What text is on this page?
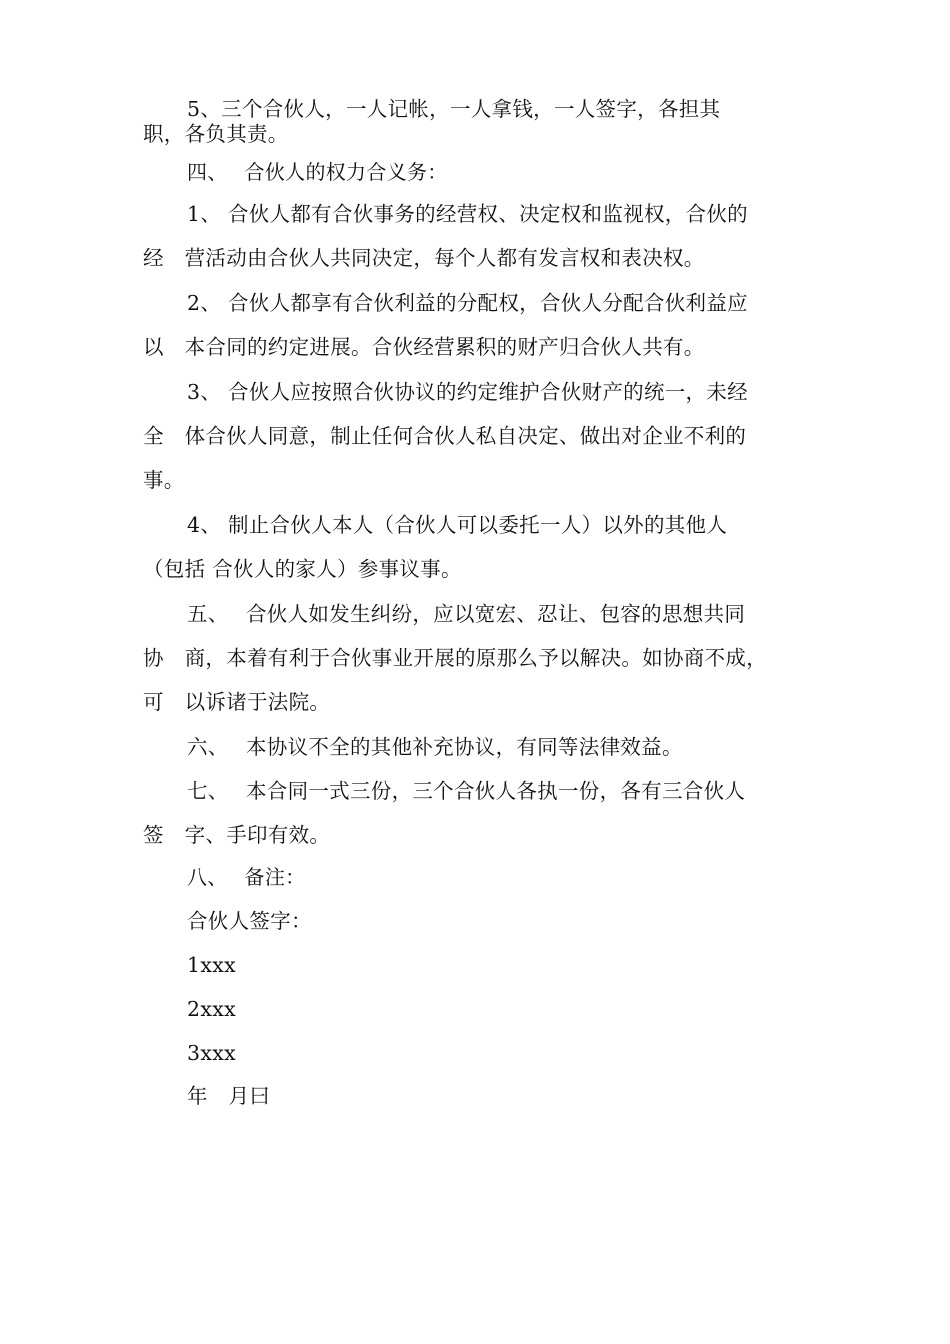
5、三个合伙人，一人记帐，一人拿钱，一人签字，各担其
职，各负其责。
四、　 合伙人的权力合义务：
1、 合伙人都有合伙事务的经营权、决定权和监视权，合伙的
经　营活动由合伙人共同决定，每个人都有发言权和表决权。
2、 合伙人都享有合伙利益的分配权，合伙人分配合伙利益应
以　本合同的约定进展。合伙经营累积的财产归合伙人共有。
3、 合伙人应按照合伙协议的约定维护合伙财产的统一，未经
全　体合伙人同意，制止任何合伙人私自决定、做出对企业不利的
事。
4、 制止合伙人本人（合伙人可以委托一人）以外的其他人
（包括 合伙人的家人）参事议事。
五、　 合伙人如发生纠纷，应以宽宏、忍让、包容的思想共同
协　商，本着有利于合伙事业开展的原那么予以解决。如协商不成，
可　以诉诸于法院。
六、　 本协议不全的其他补充协议，有同等法律效益。
七、　 本合同一式三份，三个合伙人各执一份，各有三合伙人
签　字、手印有效。
八、　 备注：
合伙人签字：
1xxx
2xxx
3xxx
年　月曰
